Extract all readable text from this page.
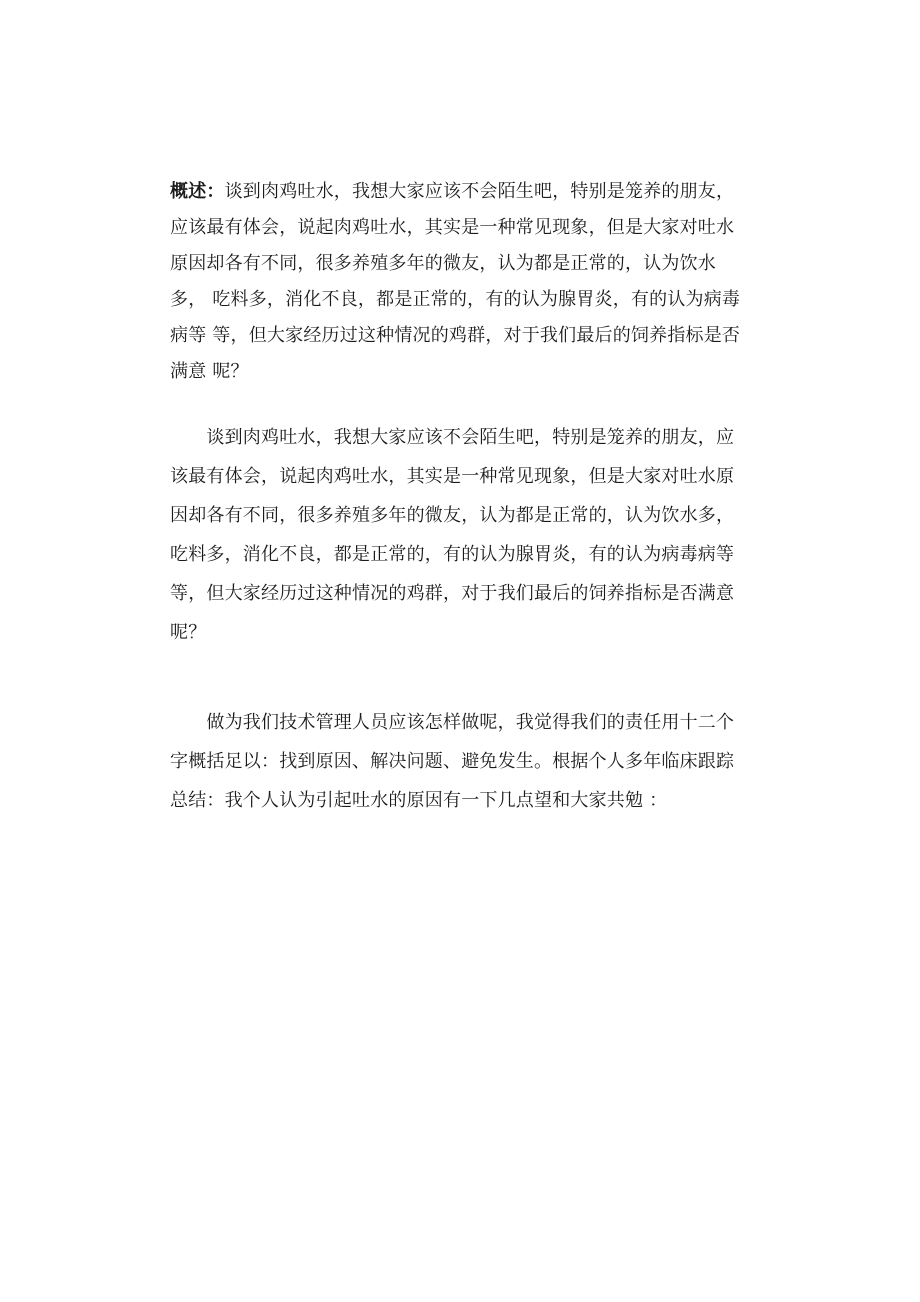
概述：谈到肉鸡吐水，我想大家应该不会陌生吧，特别是笼养的朋友，
应该最有体会，说起肉鸡吐水，其实是一种常见现象，但是大家对吐水
原因却各有不同，很多养殖多年的微友，认为都是正常的，认为饮水
多， 吃料多，消化不良，都是正常的，有的认为腺胃炎，有的认为病毒
病等 等，但大家经历过这种情况的鸡群，对于我们最后的饲养指标是否
满意 呢？
　　谈到肉鸡吐水，我想大家应该不会陌生吧，特别是笼养的朋友，应
该最有体会，说起肉鸡吐水，其实是一种常见现象，但是大家对吐水原
因却各有不同，很多养殖多年的微友，认为都是正常的，认为饮水多，
吃料多，消化不良，都是正常的，有的认为腺胃炎，有的认为病毒病等
等，但大家经历过这种情况的鸡群，对于我们最后的饲养指标是否满意
呢？
　　做为我们技术管理人员应该怎样做呢，我觉得我们的责任用十二个
字概括足以：找到原因、解决问题、避免发生。根据个人多年临床跟踪
总结：我个人认为引起吐水的原因有一下几点望和大家共勉 ：
